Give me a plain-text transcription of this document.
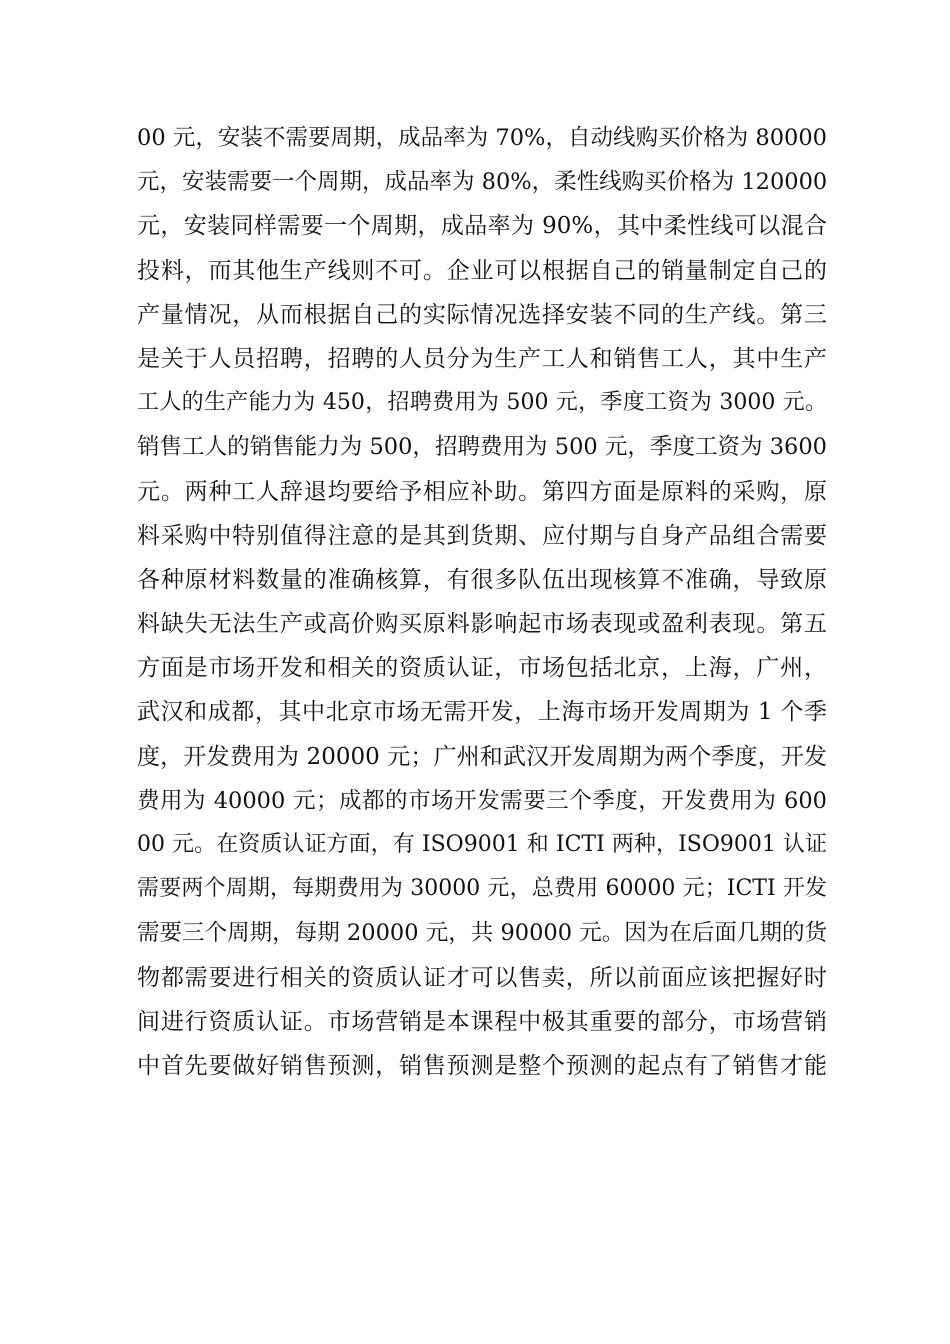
00 元，安装不需要周期，成品率为 70%，自动线购买价格为 80000
元，安装需要一个周期，成品率为 80%，柔性线购买价格为 120000
元，安装同样需要一个周期，成品率为 90%，其中柔性线可以混合
投料，而其他生产线则不可。企业可以根据自己的销量制定自己的
产量情况，从而根据自己的实际情况选择安装不同的生产线。第三
是关于人员招聘，招聘的人员分为生产工人和销售工人，其中生产
工人的生产能力为 450，招聘费用为 500 元，季度工资为 3000 元。
销售工人的销售能力为 500，招聘费用为 500 元，季度工资为 3600
元。两种工人辞退均要给予相应补助。第四方面是原料的采购，原
料采购中特别值得注意的是其到货期、应付期与自身产品组合需要
各种原材料数量的准确核算，有很多队伍出现核算不准确，导致原
料缺失无法生产或高价购买原料影响起市场表现或盈利表现。第五
方面是市场开发和相关的资质认证，市场包括北京，上海，广州，
武汉和成都，其中北京市场无需开发，上海市场开发周期为 1 个季
度，开发费用为 20000 元；广州和武汉开发周期为两个季度，开发
费用为 40000 元；成都的市场开发需要三个季度，开发费用为 600
00 元。在资质认证方面，有 ISO9001 和 ICTI 两种，ISO9001 认证
需要两个周期，每期费用为 30000 元，总费用 60000 元；ICTI 开发
需要三个周期，每期 20000 元，共 90000 元。因为在后面几期的货
物都需要进行相关的资质认证才可以售卖，所以前面应该把握好时
间进行资质认证。市场营销是本课程中极其重要的部分，市场营销
中首先要做好销售预测，销售预测是整个预测的起点有了销售才能
